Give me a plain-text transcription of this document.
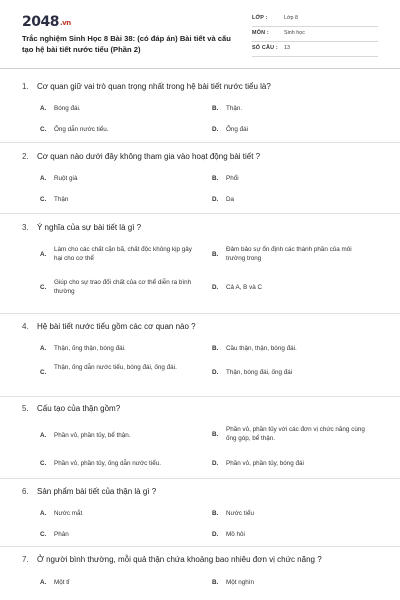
2048.vn
Trắc nghiệm Sinh Học 8 Bài 38: (có đáp án) Bài tiết và cấu tạo hệ bài tiết nước tiểu (Phần 2)
LỚP :	Lớp 8
MÔN :	Sinh học
SỐ CÂU : 13
1. Cơ quan giữ vai trò quan trọng nhất trong hệ bài tiết nước tiểu là?
A. Bóng đái.	B. Thận.
C. Ống dẫn nước tiểu.	D. Ống đái
2. Cơ quan nào dưới đây không tham gia vào hoạt động bài tiết ?
A. Ruột già	B. Phổi
C. Thận	D. Da
3. Ý nghĩa của sự bài tiết là gì ?
A.
Làm cho các chất cặn bã, chất độc không kịp gây hại cho cơ thể
B.
Đảm bảo sự ổn định các thành phần của môi trường trong
C.
Giúp cho sự trao đổi chất của cơ thể diễn ra bình thường
D. Cả A, B và C
4. Hệ bài tiết nước tiểu gồm các cơ quan nào ?
A. Thận, ống thận, bóng đái.	B. Cầu thận, thận, bóng đái.
C.
Thận, ống dẫn nước tiểu, bóng đái, ống đái.
D. Thận, bóng đái, ống đái
5. Cấu tạo của thận gồm?
A. Phần vỏ, phần tủy, bể thận.	B.
Phần vỏ, phần tủy với các đơn vị chức năng cùng ống góp, bể thận.
C. Phần vỏ, phần tủy, ống dẫn nước tiểu.	D. Phần vỏ, phần tủy, bóng đái
6. Sản phẩm bài tiết của thận là gì ?
A. Nước mắt	B. Nước tiểu
C. Phân	D. Mồ hôi
7. Ở người bình thường, mỗi quả thận chứa khoảng bao nhiêu đơn vị chức năng ?
A. Một tỉ	B. Một nghìn
